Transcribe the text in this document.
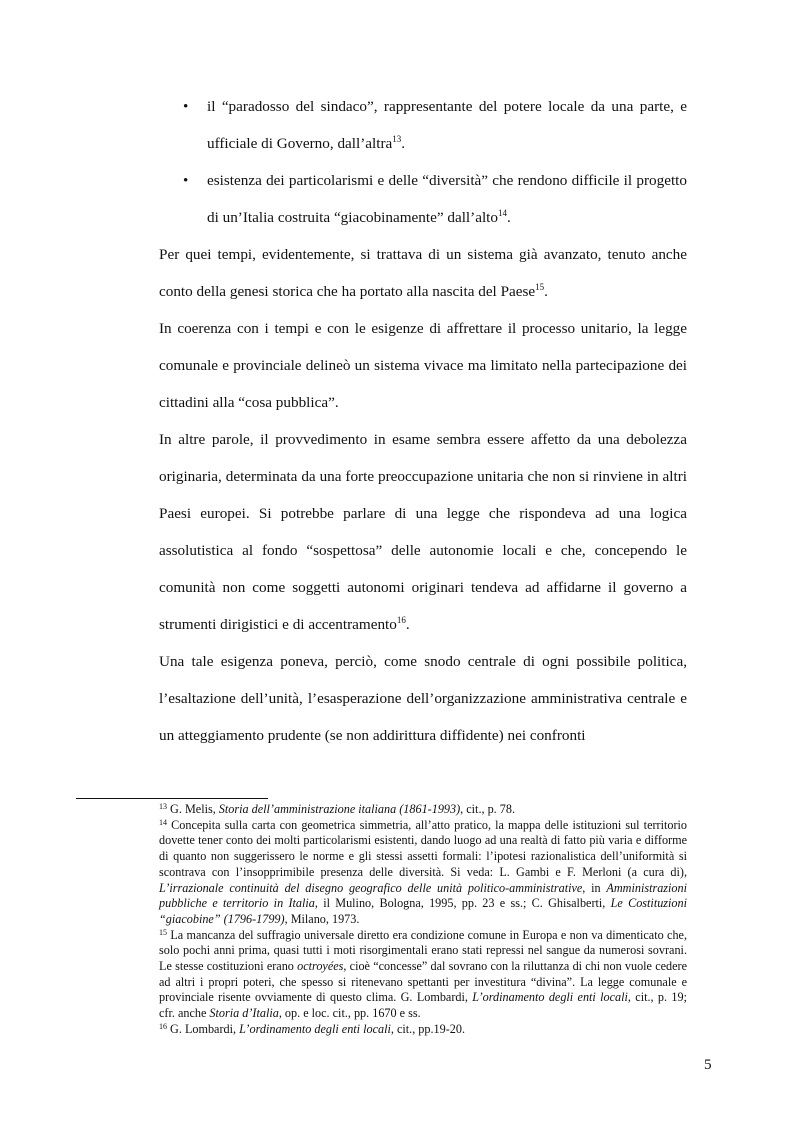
• il “paradosso del sindaco”, rappresentante del potere locale da una parte, e ufficiale di Governo, dall’altra$^{13}$.
• esistenza dei particolarismi e delle “diversità” che rendono difficile il progetto di un’Italia costruita “giacobinamente” dall’alto$^{14}$.

Per quei tempi, evidentemente, si trattava di un sistema già avanzato, tenuto anche conto della genesi storica che ha portato alla nascita del Paese$^{15}$.

In coerenza con i tempi e con le esigenze di affrettare il processo unitario, la legge comunale e provinciale delineò un sistema vivace ma limitato nella partecipazione dei cittadini alla “cosa pubblica”.

In altre parole, il provvedimento in esame sembra essere affetto da una debolezza originaria, determinata da una forte preoccupazione unitaria che non si rinviene in altri Paesi europei. Si potrebbe parlare di una legge che rispondeva ad una logica assolutistica al fondo “sospettosa” delle autonomie locali e che, concependo le comunità non come soggetti autonomi originari tendeva ad affidarne il governo a strumenti dirigistici e di accentramento$^{16}$.

Una tale esigenza poneva, perciò, come snodo centrale di ogni possibile politica, l’esaltazione dell’unità, l’esasperazione dell’organizzazione amministrativa centrale e un atteggiamento prudente (se non addirittura diffidente) nei confronti

$^{13}$ G. Melis, Storia dell’amministrazione italiana (1861-1993), cit., p. 78.

$^{14}$ Concepita sulla carta con geometrica simmetria, all’atto pratico, la mappa delle istituzioni sul territorio dovette tener conto dei molti particolarismi esistenti, dando luogo ad una realtà di fatto più varia e difforme di quanto non suggerissero le norme e gli stessi assetti formali: l’ipotesi razionalistica dell’uniformità si scontrava con l’insopprimibile presenza delle diversità. Si veda: L. Gambi e F. Merloni (a cura di), L’irrazionale continuità del disegno geografico delle unità politico-amministrative, in Amministrazioni pubbliche e territorio in Italia, il Mulino, Bologna, 1995, pp. 23 e ss.; C. Ghisalberti, Le Costituzioni “giacobine” (1796-1799), Milano, 1973.

$^{15}$ La mancanza del suffragio universale diretto era condizione comune in Europa e non va dimenticato che, solo pochi anni prima, quasi tutti i moti risorgimentali erano stati repressi nel sangue da numerosi sovrani. Le stesse costituzioni erano octroyées, cioè “concesse” dal sovrano con la riluttanza di chi non vuole cedere ad altri i propri poteri, che spesso si ritenevano spettanti per investitura “divina”. La legge comunale e provinciale risente ovviamente di questo clima. G. Lombardi, L’ordinamento degli enti locali, cit., p. 19; cfr. anche Storia d’Italia, op. e loc. cit., pp. 1670 e ss.

$^{16}$ G. Lombardi, L’ordinamento degli enti locali, cit., pp.19-20.

5
